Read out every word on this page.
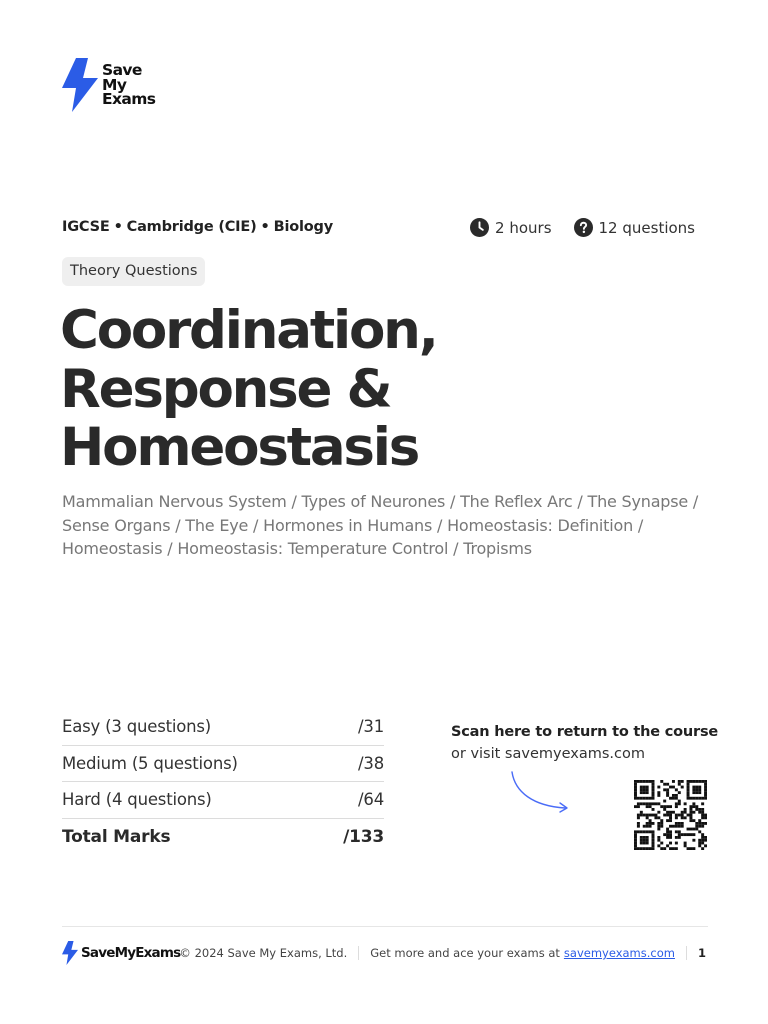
Save
My
Exams
IGCSE • Cambridge (CIE) • Biology	2 hours	12 questions
Theory Questions
Coordination,
Response &
Homeostasis
Mammalian Nervous System / Types of Neurones / The Reflex Arc / The Synapse / Sense Organs / The Eye / Hormones in Humans / Homeostasis: Definition / Homeostasis / Homeostasis: Temperature Control / Tropisms
Easy (3 questions)	/31
Medium (5 questions)	/38
Hard (4 questions)	/64
Total Marks	/133
Scan here to return to the course
or visit savemyexams.com
SaveMyExams © 2024 Save My Exams, Ltd. Get more and ace your exams at savemyexams.com 1
